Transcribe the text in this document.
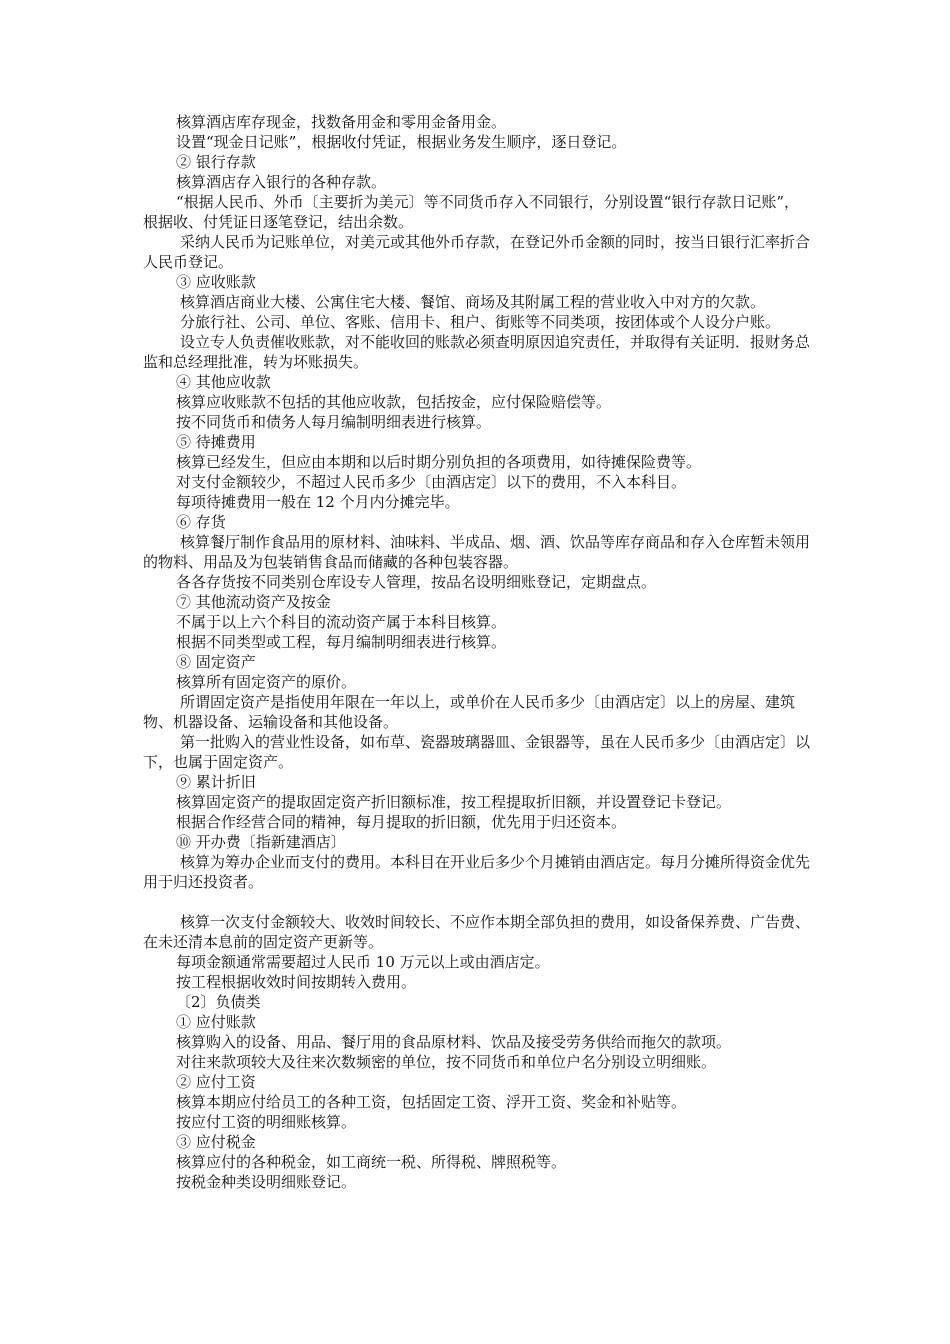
核算酒店库存现金，找数备用金和零用金备用金。

设置“现金日记账”，根据收付凭证，根据业务发生顺序，逐日登记。

② 银行存款

核算酒店存入银行的各种存款。

“根据人民币、外币〔主要折为美元〕等不同货币存入不同银行，分别设置“银行存款日记账”，根据收、付凭证日逐笔登记，结出余数。

采纳人民币为记账单位，对美元或其他外币存款，在登记外币金额的同时，按当日银行汇率折合人民币登记。

③ 应收账款

核算酒店商业大楼、公寓住宅大楼、餐馆、商场及其附属工程的营业收入中对方的欠款。

分旅行社、公司、单位、客账、信用卡、租户、街账等不同类项，按团体或个人设分户账。

设立专人负责催收账款，对不能收回的账款必须查明原因追究责任，并取得有关证明．报财务总监和总经理批准，转为坏账损失。

④ 其他应收款

核算应收账款不包括的其他应收款，包括按金，应付保险赔偿等。

按不同货币和债务人每月编制明细表进行核算。

⑤ 待摊费用

核算已经发生，但应由本期和以后时期分别负担的各项费用，如待摊保险费等。

对支付金额较少，不超过人民币多少〔由酒店定〕以下的费用，不入本科目。

每项待摊费用一般在 12 个月内分摊完毕。

⑥ 存货

核算餐厅制作食品用的原材料、油味料、半成品、烟、酒、饮品等库存商品和存入仓库暂未领用的物料、用品及为包装销售食品而储藏的各种包装容器。

各各存货按不同类别仓库设专人管理，按品名设明细账登记，定期盘点。

⑦ 其他流动资产及按金

不属于以上六个科目的流动资产属于本科目核算。

根据不同类型或工程，每月编制明细表进行核算。

⑧ 固定资产

核算所有固定资产的原价。

所谓固定资产是指使用年限在一年以上，或单价在人民币多少〔由酒店定〕以上的房屋、建筑物、机器设备、运输设备和其他设备。

第一批购入的营业性设备，如布草、瓷器玻璃器皿、金银器等，虽在人民币多少〔由酒店定〕以下，也属于固定资产。

⑨ 累计折旧

核算固定资产的提取固定资产折旧额标准，按工程提取折旧额，并设置登记卡登记。

根据合作经营合同的精神，每月提取的折旧额，优先用于归还资本。

⑩ 开办费〔指新建酒店〕

核算为筹办企业而支付的费用。本科目在开业后多少个月摊销由酒店定。每月分摊所得资金优先用于归还投资者。

核算一次支付金额较大、收效时间较长、不应作本期全部负担的费用，如设备保养费、广告费、在未还清本息前的固定资产更新等。

每项金额通常需要超过人民币 10 万元以上或由酒店定。

按工程根据收效时间按期转入费用。

〔2〕负债类

① 应付账款

核算购入的设备、用品、餐厅用的食品原材料、饮品及接受劳务供给而拖欠的款项。

对往来款项较大及往来次数频密的单位，按不同货币和单位户名分别设立明细账。

② 应付工资

核算本期应付给员工的各种工资，包括固定工资、浮开工资、奖金和补贴等。

按应付工资的明细账核算。

③ 应付税金

核算应付的各种税金，如工商统一税、所得税、牌照税等。

按税金种类设明细账登记。
